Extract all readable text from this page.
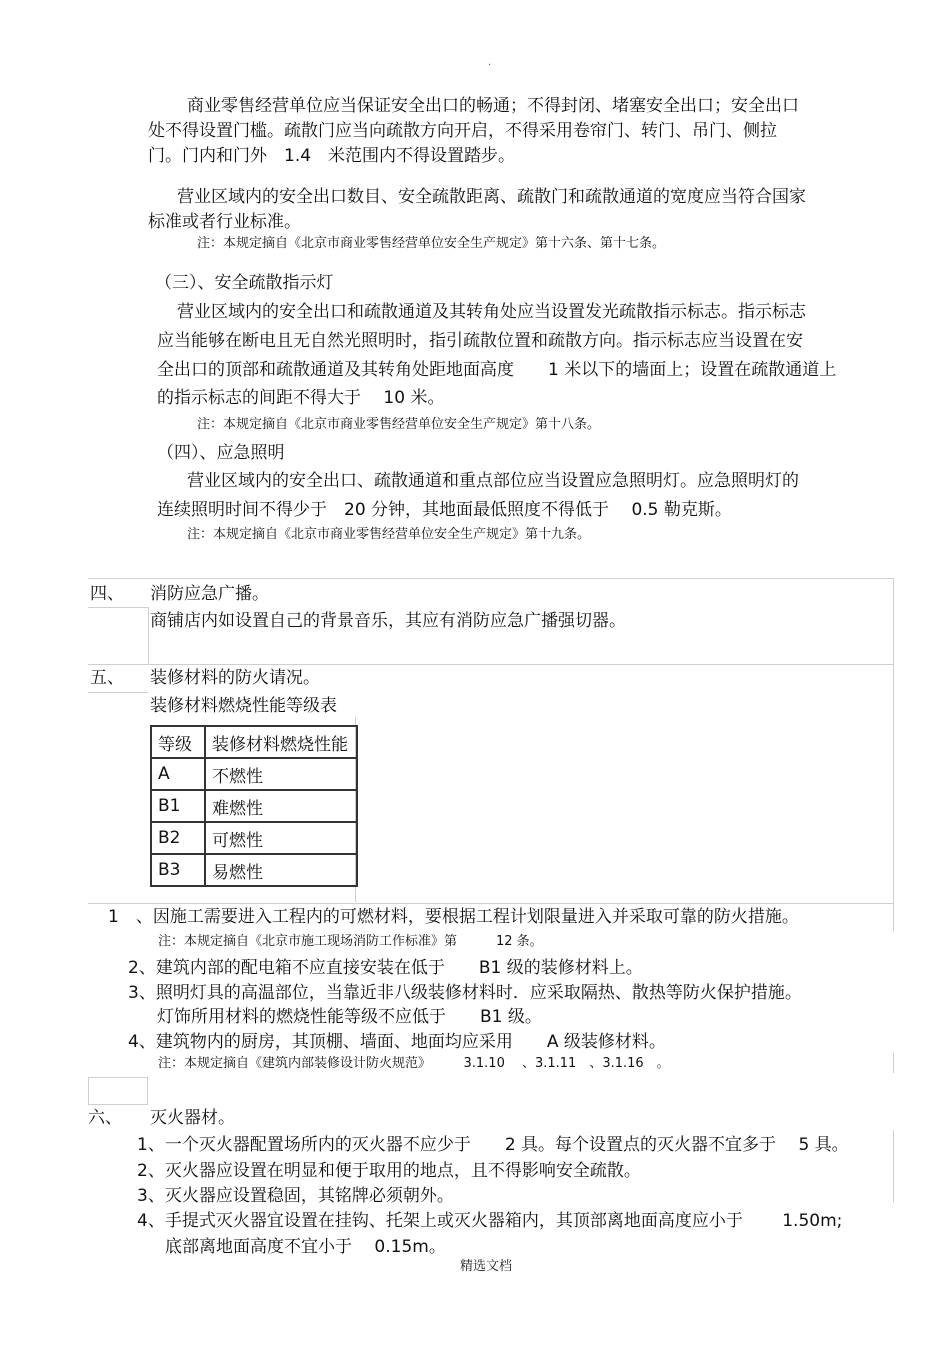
·
商业零售经营单位应当保证安全出口的畅通；不得封闭、堵塞安全出口；安全出口
处不得设置门槛。疏散门应当向疏散方向开启，不得采用卷帘门、转门、吊门、侧拉
门。门内和门外　1.4　米范围内不得设置踏步。
营业区域内的安全出口数目、安全疏散距离、疏散门和疏散通道的宽度应当符合国家
标准或者行业标准。
注：本规定摘自《北京市商业零售经营单位安全生产规定》第十六条、第十七条。
（三）、安全疏散指示灯
营业区域内的安全出口和疏散通道及其转角处应当设置发光疏散指示标志。指示标志
应当能够在断电且无自然光照明时，指引疏散位置和疏散方向。指示标志应当设置在安
全出口的顶部和疏散通道及其转角处距地面高度　　1 米以下的墙面上；设置在疏散通道上
的指示标志的间距不得大于　 10 米。
注：本规定摘自《北京市商业零售经营单位安全生产规定》第十八条。
（四）、应急照明
营业区域内的安全出口、疏散通道和重点部位应当设置应急照明灯。应急照明灯的
连续照明时间不得少于　20 分钟，其地面最低照度不得低于　 0.5 勒克斯。
注：本规定摘自《北京市商业零售经营单位安全生产规定》第十九条。
四、 消防应急广播。
商铺店内如设置自己的背景音乐，其应有消防应急广播强切器。
五、 装修材料的防火请况。
装修材料燃烧性能等级表
等级	装修材料燃烧性能
A	不燃性
B1	难燃性
B2	可燃性
B3	易燃性
1　、因施工需要进入工程内的可燃材料，要根据工程计划限量进入并采取可靠的防火措施。
注：本规定摘自《北京市施工现场消防工作标准》第　　　12 条。
2、建筑内部的配电箱不应直接安装在低于　　B1 级的装修材料上。
3、照明灯具的高温部位，当靠近非八级装修材料时．应采取隔热、散热等防火保护措施。
灯饰所用材料的燃烧性能等级不应低于　　B1 级。
4、建筑物内的厨房，其顶棚、墙面、地面均应采用　　A 级装修材料。
注：本规定摘自《建筑内部装修设计防火规范》　　　3.1.10　 、3.1.11　、3.1.16　。
六、 灭火器材。
1、一个灭火器配置场所内的灭火器不应少于　　2 具。每个设置点的灭火器不宜多于　 5 具。
2、灭火器应设置在明显和便于取用的地点，且不得影响安全疏散。
3、灭火器应设置稳固，其铭牌必须朝外。
4、手提式灭火器宜设置在挂钩、托架上或灭火器箱内，其顶部离地面高度应小于　　 1.50m;
底部离地面高度不宜小于　 0.15m。
精选文档
